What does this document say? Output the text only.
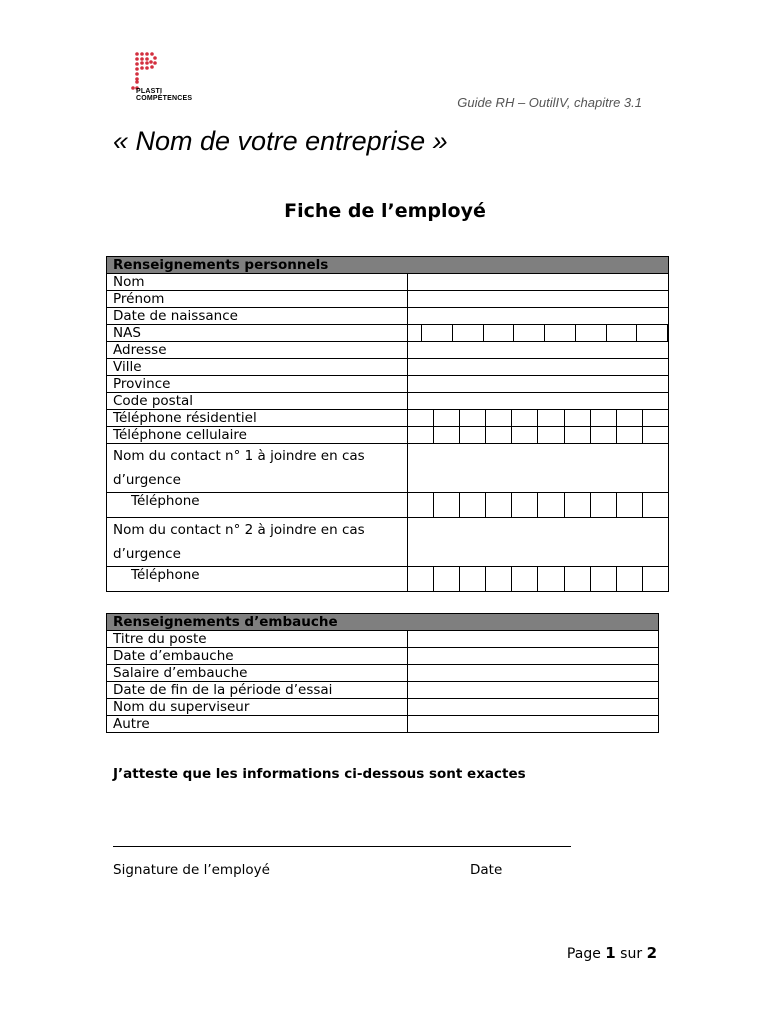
PLASTI
COMPÉTENCES	Guide RH – OutilIV, chapitre 3.1
« Nom de votre entreprise »
Fiche de l’employé
Renseignements personnels	
Nom	
Prénom	
Date de naissance	
NAS	

Adresse	
Ville	
Province	
Code postal	
Téléphone résidentiel	

Téléphone cellulaire	

Nom du contact n° 1 à joindre en cas d’urgence	
Téléphone	

Nom du contact n° 2 à joindre en cas d’urgence	
Téléphone	
Renseignements d’embauche	
Titre du poste	
Date d’embauche	
Salaire d’embauche	
Date de fin de la période d’essai	
Nom du superviseur	
Autre	
J’atteste que les informations ci-dessous sont exactes
Signature de l’employé	Date
Page 1 sur 2
